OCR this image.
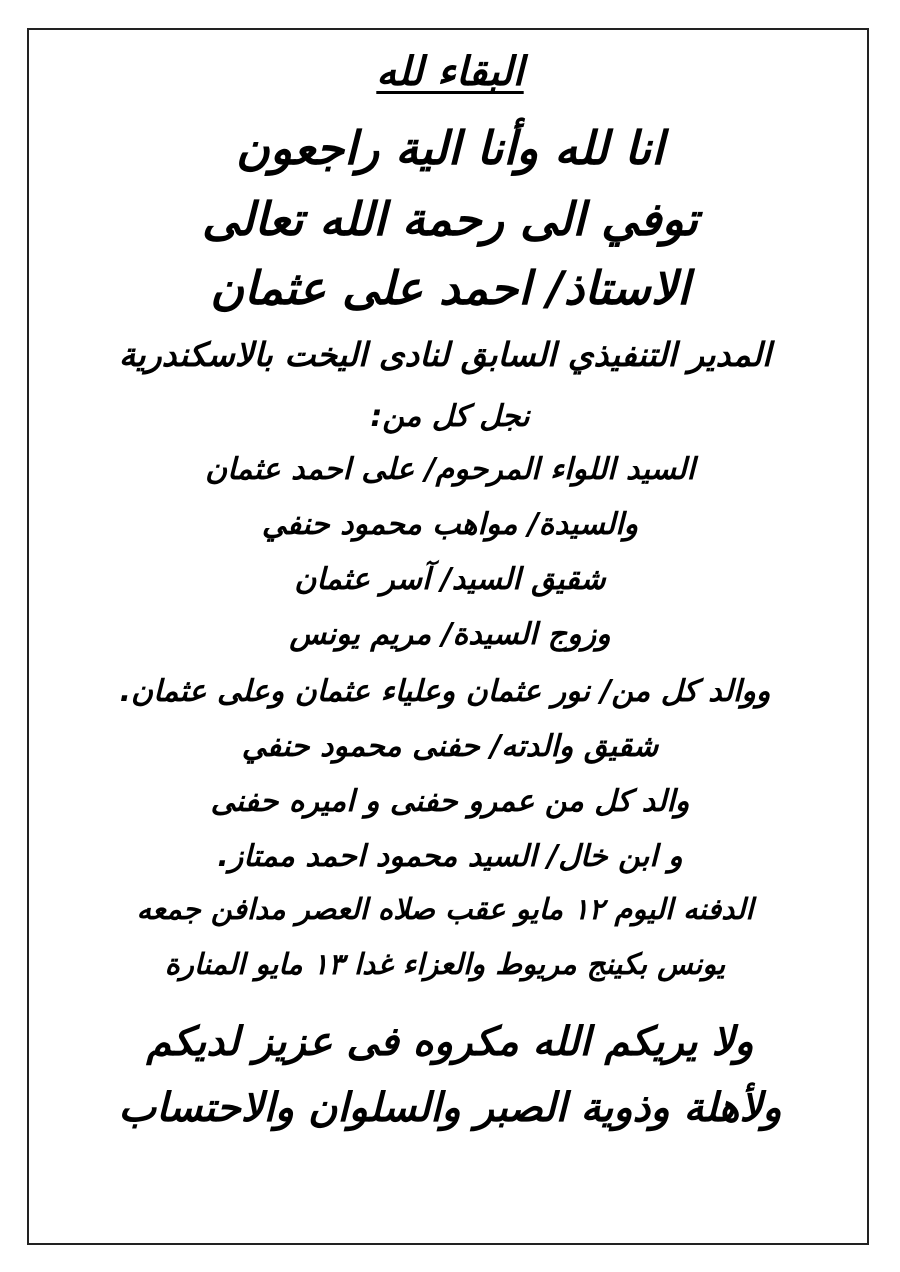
البقاء لله
انا لله وأنا الية راجعون
توفي الى رحمة الله تعالى
الاستاذ/ احمد على عثمان
المدير التنفيذي السابق لنادى اليخت بالاسكندرية
نجل كل من:
السيد اللواء المرحوم/ على احمد عثمان
والسيدة/ مواهب محمود حنفي
شقيق السيد/ آسر عثمان
وزوج السيدة/ مريم يونس
ووالد كل من/ نور عثمان وعلياء عثمان وعلى عثمان.
شقيق والدته/ حفنى محمود حنفي
والد كل من عمرو حفنى و اميره حفنى
و ابن خال/ السيد محمود احمد ممتاز.
الدفنه اليوم ١٢ مايو عقب صلاه العصر مدافن جمعه
يونس بكينج مريوط والعزاء غدا ١٣ مايو المنارة
ولا يريكم الله مكروه فى عزيز لديكم
ولأهلة وذوية الصبر والسلوان والاحتساب
